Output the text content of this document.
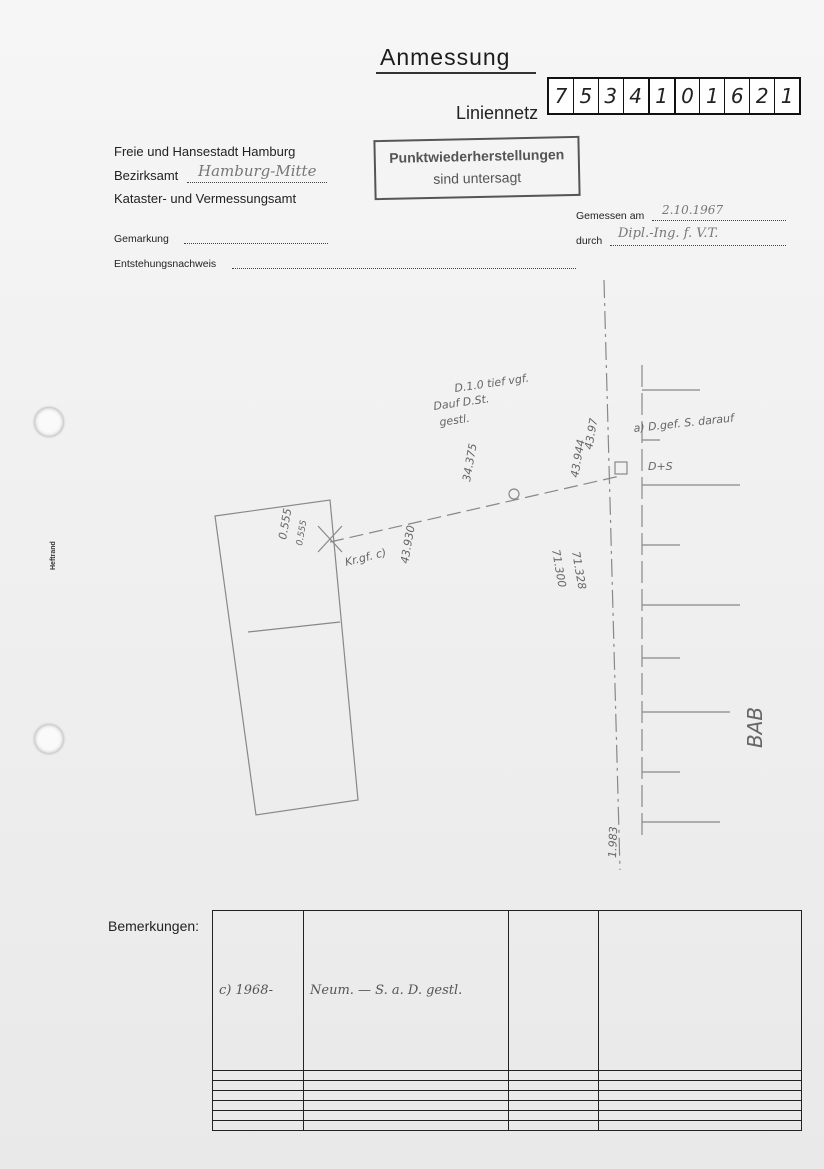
Anmessung
Liniennetz
7 5 3 4 1 0 1 6 2 1
Freie und Hansestadt Hamburg
Bezirksamt Hamburg-Mitte
Kataster- und Vermessungsamt
Punktwiederherstellungen
sind untersagt
Gemarkung
Entstehungsnachweis
Gemessen am 2.10.1967
durch Dipl.-Ing. f. V.T.
Heftrand
D.1.0 tief vgf.
Dauf D.St.
gestl.	a) D.gef. S. darauf
D+S
Kr.gf. c) 43.930
43.944
43.97
34.375
0.555 0.555
BAB
1.983
71.300 71.328
Bemerkungen:
c) 1968-	Neum. — S. a. D. gestl.		
